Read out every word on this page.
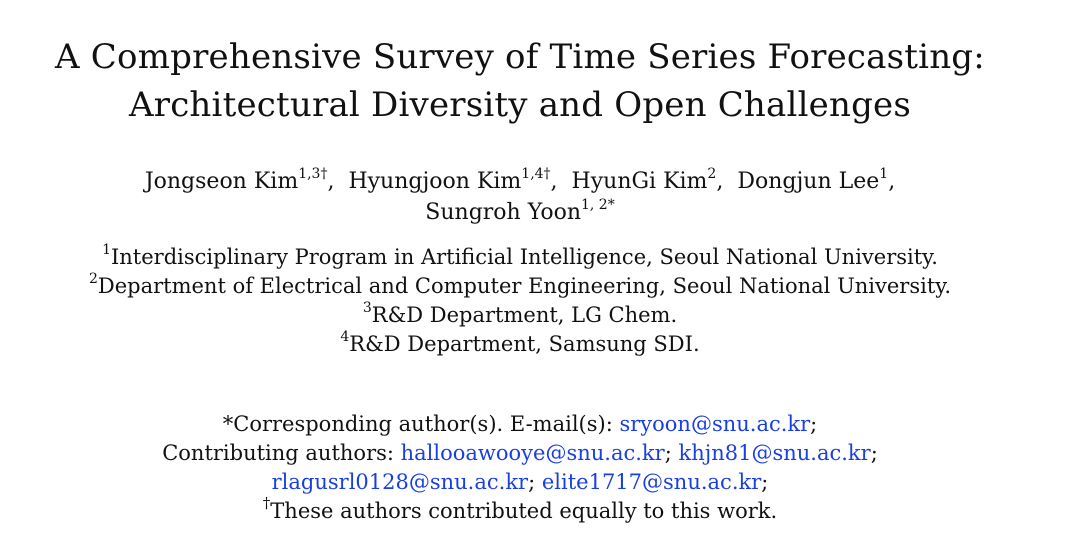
A Comprehensive Survey of Time Series Forecasting:
Architectural Diversity and Open Challenges
Jongseon Kim$^{1,3\dagger}$,  Hyungjoon Kim$^{1,4\dagger}$,  HyunGi Kim$^2$,  Dongjun Lee$^1$,
Sungroh Yoon$^{1, 2*}$
$^1$Interdisciplinary Program in Artificial Intelligence, Seoul National University.
$^2$Department of Electrical and Computer Engineering, Seoul National University.
$^3$R&D Department, LG Chem.
$^4$R&D Department, Samsung SDI.
*Corresponding author(s). E-mail(s): sryoon@snu.ac.kr;
Contributing authors: hallooawooye@snu.ac.kr; khjn81@snu.ac.kr;
rlagusrl0128@snu.ac.kr; elite1717@snu.ac.kr;
†These authors contributed equally to this work.
